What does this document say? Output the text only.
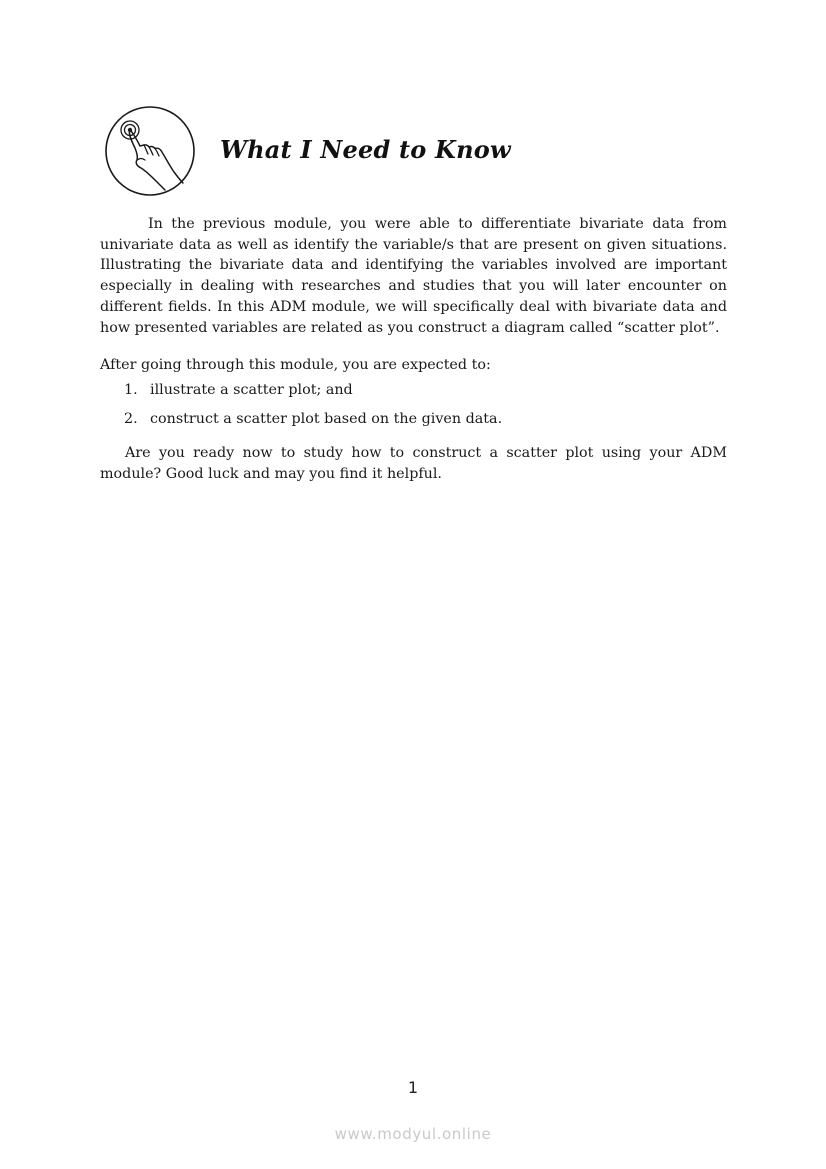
What I Need to Know

In the previous module, you were able to differentiate bivariate data from univariate data as well as identify the variable/s that are present on given situations. Illustrating the bivariate data and identifying the variables involved are important especially in dealing with researches and studies that you will later encounter on different fields. In this ADM module, we will specifically deal with bivariate data and how presented variables are related as you construct a diagram called “scatter plot”.

After going through this module, you are expected to:

1. illustrate a scatter plot; and
2. construct a scatter plot based on the given data.

Are you ready now to study how to construct a scatter plot using your ADM module? Good luck and may you find it helpful.

1
www.modyul.online
